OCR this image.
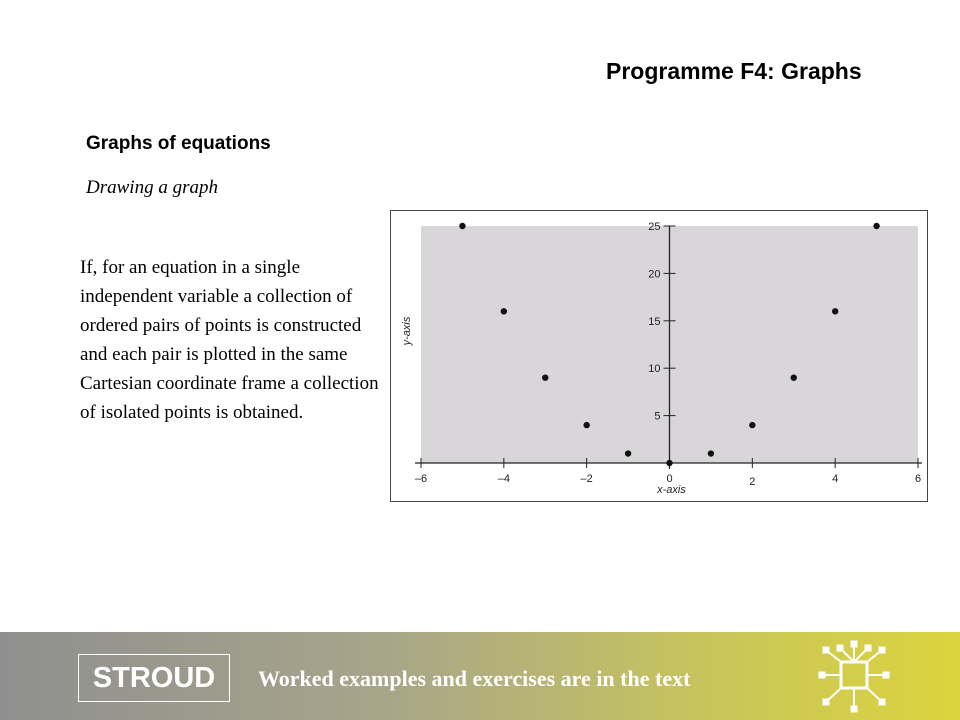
Programme F4: Graphs
Graphs of equations
Drawing a graph
If, for an equation in a single independent variable a collection of ordered pairs of points is constructed and each pair is plotted in the same Cartesian coordinate frame a collection of isolated points is obtained.
–6	–4	–2	0	2	4	6
5
10
15
20
25
x-axis
y-axis
STROUD	Worked examples and exercises are in the text
